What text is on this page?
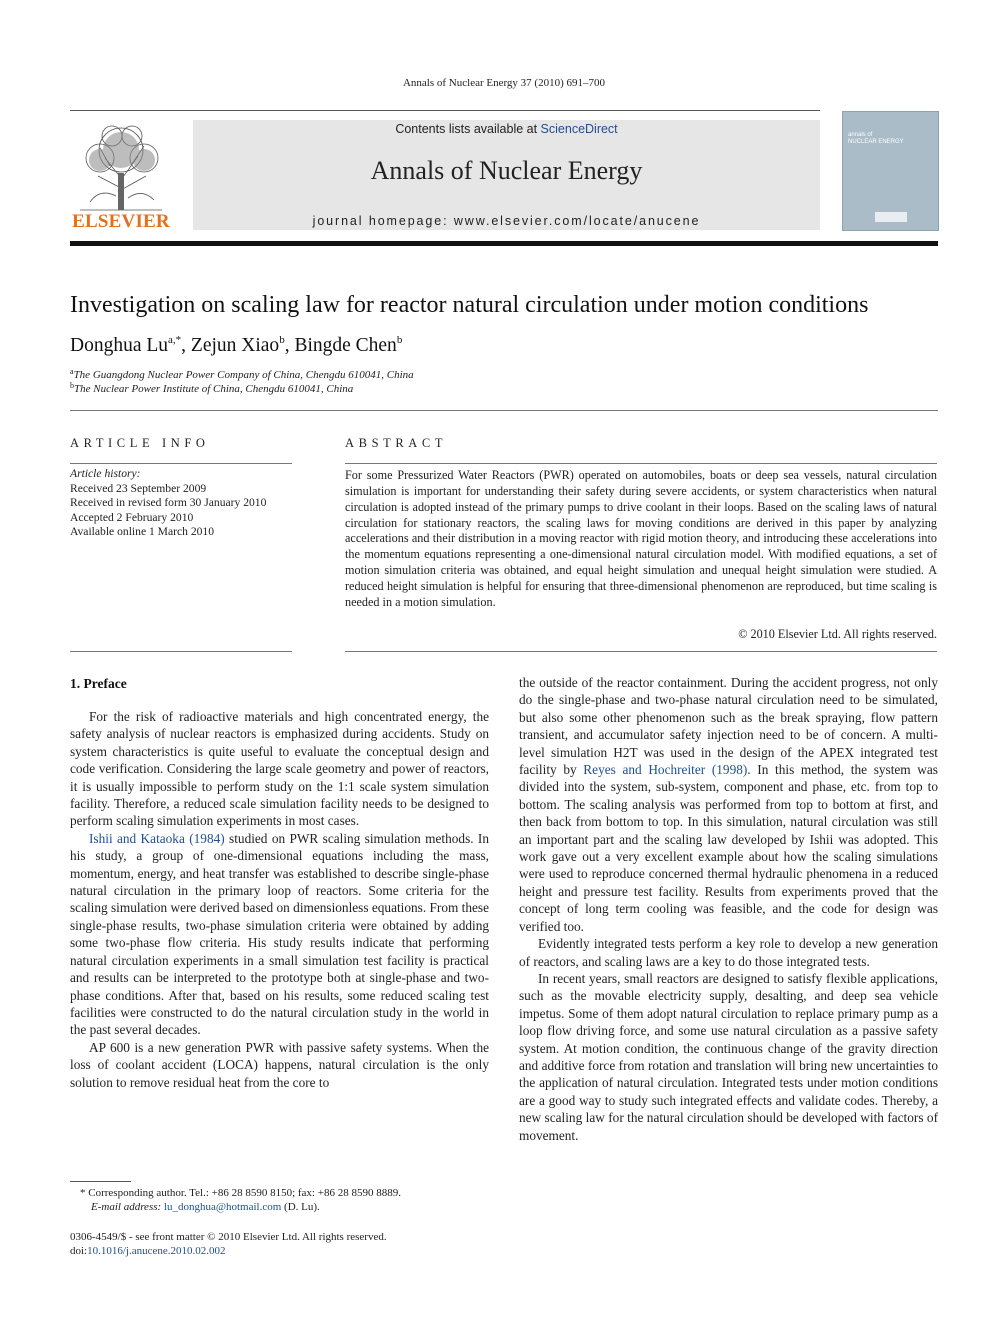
Annals of Nuclear Energy 37 (2010) 691–700
ELSEVIER
Contents lists available at ScienceDirect
Annals of Nuclear Energy
journal homepage: www.elsevier.com/locate/anucene
annals of
NUCLEAR ENERGY
Investigation on scaling law for reactor natural circulation under motion conditions
Donghua $Lu^{a,*}$, Zejun Xiao$^b$, Bingde Chen$^b$
$^a$The Guangdong Nuclear Power Company of China, Chengdu 610041, China
$^b$The Nuclear Power Institute of China, Chengdu 610041, China
ARTICLE INFO
Article history:
Received 23 September 2009
Received in revised form 30 January 2010
Accepted 2 February 2010
Available online 1 March 2010
ABSTRACT
For some Pressurized Water Reactors (PWR) operated on automobiles, boats or deep sea vessels, natural circulation simulation is important for understanding their safety during severe accidents, or system characteristics when natural circulation is adopted instead of the primary pumps to drive coolant in their loops. Based on the scaling laws of natural circulation for stationary reactors, the scaling laws for moving conditions are derived in this paper by analyzing accelerations and their distribution in a moving reactor with rigid motion theory, and introducing these accelerations into the momentum equations representing a one-dimensional natural circulation model. With modified equations, a set of motion simulation criteria was obtained, and equal height simulation and unequal height simulation were studied. A reduced height simulation is helpful for ensuring that three-dimensional phenomenon are reproduced, but time scaling is needed in a motion simulation.
© 2010 Elsevier Ltd. All rights reserved.
1. Preface

For the risk of radioactive materials and high concentrated energy, the safety analysis of nuclear reactors is emphasized during accidents. Study on system characteristics is quite useful to evaluate the conceptual design and code verification. Considering the large scale geometry and power of reactors, it is usually impossible to perform study on the 1:1 scale system simulation facility. Therefore, a reduced scale simulation facility needs to be designed to perform scaling simulation experiments in most cases.

Ishii and Kataoka (1984) studied on PWR scaling simulation methods. In his study, a group of one-dimensional equations including the mass, momentum, energy, and heat transfer was established to describe single-phase natural circulation in the primary loop of reactors. Some criteria for the scaling simulation were derived based on dimensionless equations. From these single-phase results, two-phase simulation criteria were obtained by adding some two-phase flow criteria. His study results indicate that performing natural circulation experiments in a small simulation test facility is practical and results can be interpreted to the prototype both at single-phase and two-phase conditions. After that, based on his results, some reduced scaling test facilities were constructed to do the natural circulation study in the world in the past several decades.

AP 600 is a new generation PWR with passive safety systems. When the loss of coolant accident (LOCA) happens, natural circulation is the only solution to remove residual heat from the core to

the outside of the reactor containment. During the accident progress, not only do the single-phase and two-phase natural circulation need to be simulated, but also some other phenomenon such as the break spraying, flow pattern transient, and accumulator safety injection need to be of concern. A multi-level simulation H2T was used in the design of the APEX integrated test facility by Reyes and Hochreiter (1998). In this method, the system was divided into the system, sub-system, component and phase, etc. from top to bottom. The scaling analysis was performed from top to bottom at first, and then back from bottom to top. In this simulation, natural circulation was still an important part and the scaling law developed by Ishii was adopted. This work gave out a very excellent example about how the scaling simulations were used to reproduce concerned thermal hydraulic phenomena in a reduced height and pressure test facility. Results from experiments proved that the concept of long term cooling was feasible, and the code for design was verified too.

Evidently integrated tests perform a key role to develop a new generation of reactors, and scaling laws are a key to do those integrated tests.

In recent years, small reactors are designed to satisfy flexible applications, such as the movable electricity supply, desalting, and deep sea vehicle impetus. Some of them adopt natural circulation to replace primary pump as a loop flow driving force, and some use natural circulation as a passive safety system. At motion condition, the continuous change of the gravity direction and additive force from rotation and translation will bring new uncertainties to the application of natural circulation. Integrated tests under motion conditions are a good way to study such integrated effects and validate codes. Thereby, a new scaling law for the natural circulation should be developed with factors of movement.

* Corresponding author. Tel.: +86 28 8590 8150; fax: +86 28 8590 8889.
E-mail address: lu_donghua@hotmail.com (D. Lu).
0306-4549/$ - see front matter © 2010 Elsevier Ltd. All rights reserved.
doi:10.1016/j.anucene.2010.02.002
